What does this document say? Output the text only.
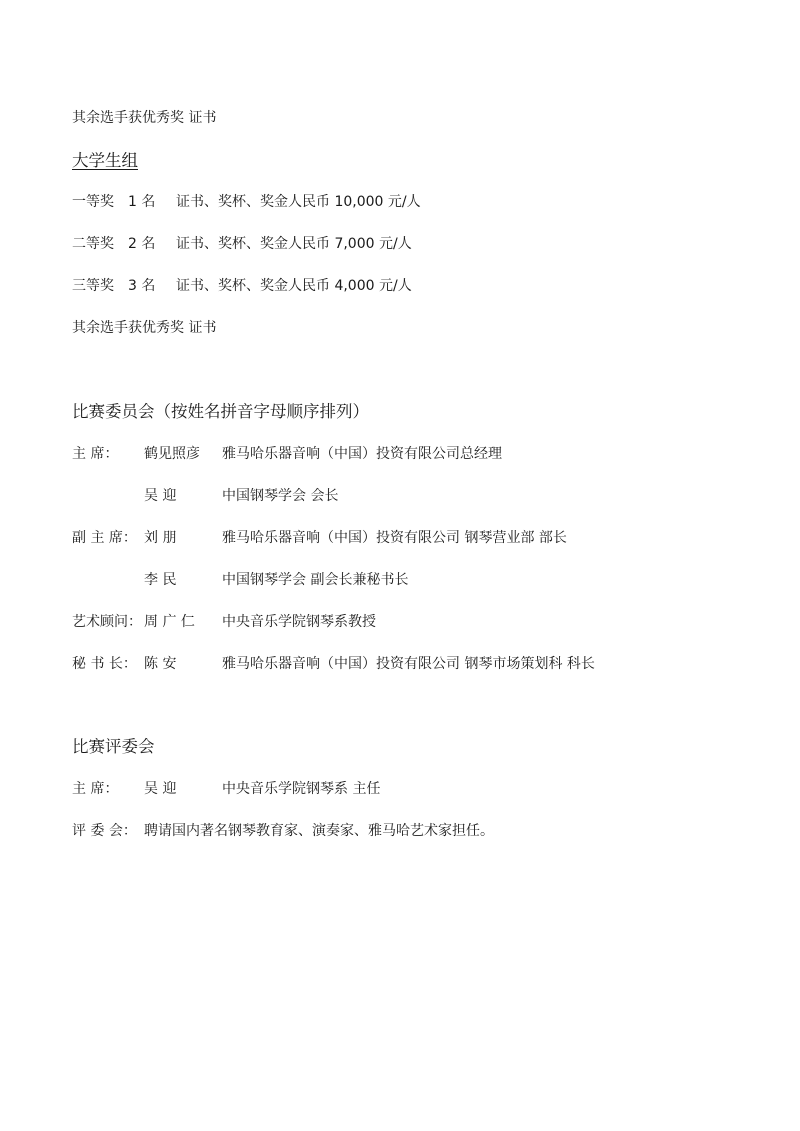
其余选手获优秀奖 证书
大学生组
一等奖 1 名 证书、奖杯、奖金人民币 10,000 元/人
二等奖 2 名 证书、奖杯、奖金人民币 7,000 元/人
三等奖 3 名 证书、奖杯、奖金人民币 4,000 元/人
其余选手获优秀奖 证书
比赛委员会（按姓名拼音字母顺序排列）
主 席： 鹤见照彦 雅马哈乐器音响（中国）投资有限公司总经理
吴 迎	中国钢琴学会 会长
副 主 席： 刘 朋	雅马哈乐器音响（中国）投资有限公司 钢琴营业部 部长
李 民	中国钢琴学会 副会长兼秘书长
艺术顾问： 周 广 仁 中央音乐学院钢琴系教授
秘 书 长： 陈 安	雅马哈乐器音响（中国）投资有限公司 钢琴市场策划科 科长
比赛评委会
主 席： 吴 迎	中央音乐学院钢琴系 主任
评 委 会： 聘请国内著名钢琴教育家、演奏家、雅马哈艺术家担任。
